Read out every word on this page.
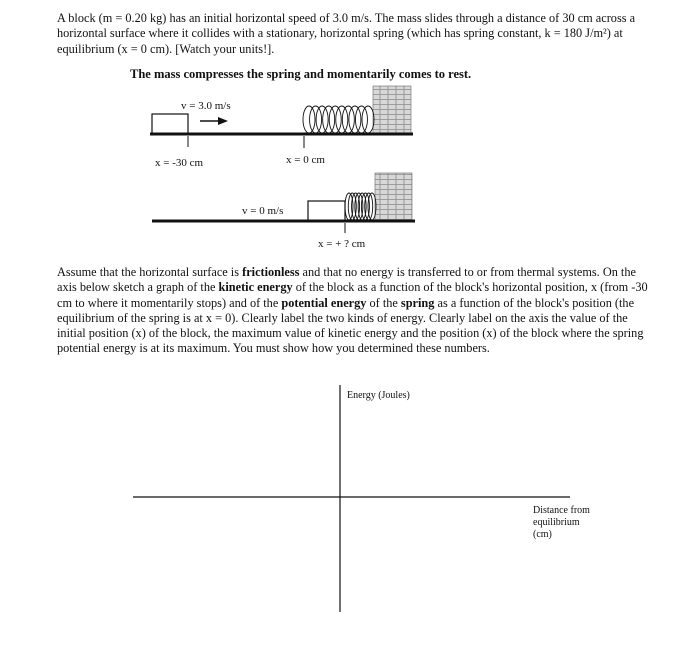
A block (m = 0.20 kg) has an initial horizontal speed of 3.0 m/s. The mass slides through a distance of 30 cm across a horizontal surface where it collides with a stationary, horizontal spring (which has spring constant, k = 180 J/m²) at equilibrium (x = 0 cm). [Watch your units!].
The mass compresses the spring and momentarily comes to rest.
v = 3.0 m/s
x = -30 cm	x = 0 cm
v = 0 m/s
x = + ? cm
Assume that the horizontal surface is frictionless and that no energy is transferred to or from thermal systems. On the axis below sketch a graph of the kinetic energy of the block as a function of the block's horizontal position, x (from -30 cm to where it momentarily stops) and of the potential energy of the spring as a function of the block's position (the equilibrium of the spring is at x = 0). Clearly label the two kinds of energy. Clearly label on the axis the value of the initial position (x) of the block, the maximum value of kinetic energy and the position (x) of the block where the spring potential energy is at its maximum. You must show how you determined these numbers.
Energy (Joules)
Distance from
equilibrium
(cm)
